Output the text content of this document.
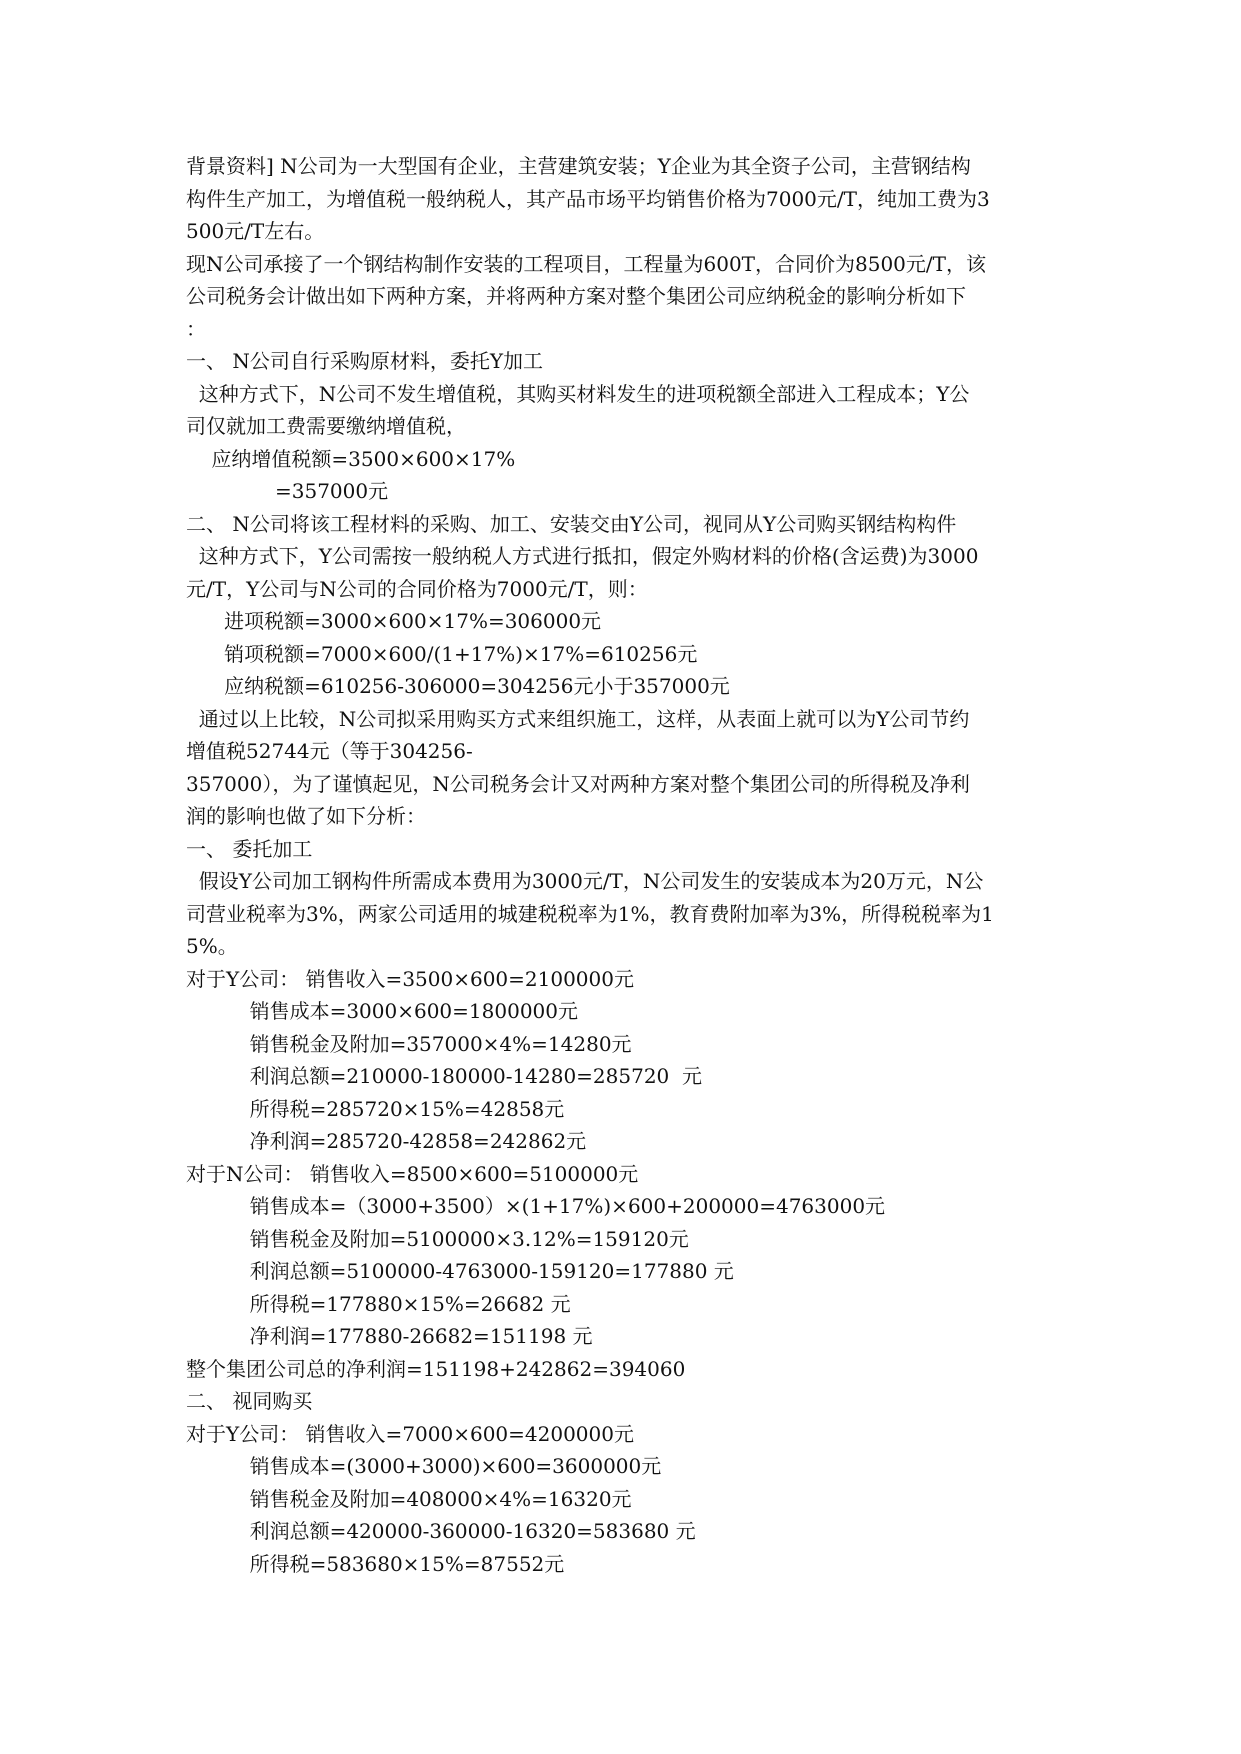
背景资料] N公司为一大型国有企业，主营建筑安装；Y企业为其全资子公司，主营钢结构
构件生产加工，为增值税一般纳税人，其产品市场平均销售价格为7000元/T，纯加工费为3
500元/T左右。
现N公司承接了一个钢结构制作安装的工程项目，工程量为600T，合同价为8500元/T，该
公司税务会计做出如下两种方案，并将两种方案对整个集团公司应纳税金的影响分析如下
：
一、 N公司自行采购原材料，委托Y加工
这种方式下，N公司不发生增值税，其购买材料发生的进项税额全部进入工程成本；Y公
司仅就加工费需要缴纳增值税，
应纳增值税额=3500×600×17%
=357000元
二、 N公司将该工程材料的采购、加工、安装交由Y公司，视同从Y公司购买钢结构构件
这种方式下，Y公司需按一般纳税人方式进行抵扣，假定外购材料的价格(含运费)为3000
元/T，Y公司与N公司的合同价格为7000元/T，则：
进项税额=3000×600×17%=306000元
销项税额=7000×600/(1+17%)×17%=610256元
应纳税额=610256-306000=304256元小于357000元
通过以上比较，N公司拟采用购买方式来组织施工，这样，从表面上就可以为Y公司节约
增值税52744元（等于304256-
357000），为了谨慎起见，N公司税务会计又对两种方案对整个集团公司的所得税及净利
润的影响也做了如下分析：
一、 委托加工
假设Y公司加工钢构件所需成本费用为3000元/T，N公司发生的安装成本为20万元，N公
司营业税率为3%，两家公司适用的城建税税率为1%，教育费附加率为3%，所得税税率为1
5%。
对于Y公司： 销售收入=3500×600=2100000元
销售成本=3000×600=1800000元
销售税金及附加=357000×4%=14280元
利润总额=210000-180000-14280=285720  元
所得税=285720×15%=42858元
净利润=285720-42858=242862元
对于N公司： 销售收入=8500×600=5100000元
销售成本=（3000+3500）×(1+17%)×600+200000=4763000元
销售税金及附加=5100000×3.12%=159120元
利润总额=5100000-4763000-159120=177880 元
所得税=177880×15%=26682 元
净利润=177880-26682=151198 元
整个集团公司总的净利润=151198+242862=394060
二、 视同购买
对于Y公司： 销售收入=7000×600=4200000元
销售成本=(3000+3000)×600=3600000元
销售税金及附加=408000×4%=16320元
利润总额=420000-360000-16320=583680 元
所得税=583680×15%=87552元
